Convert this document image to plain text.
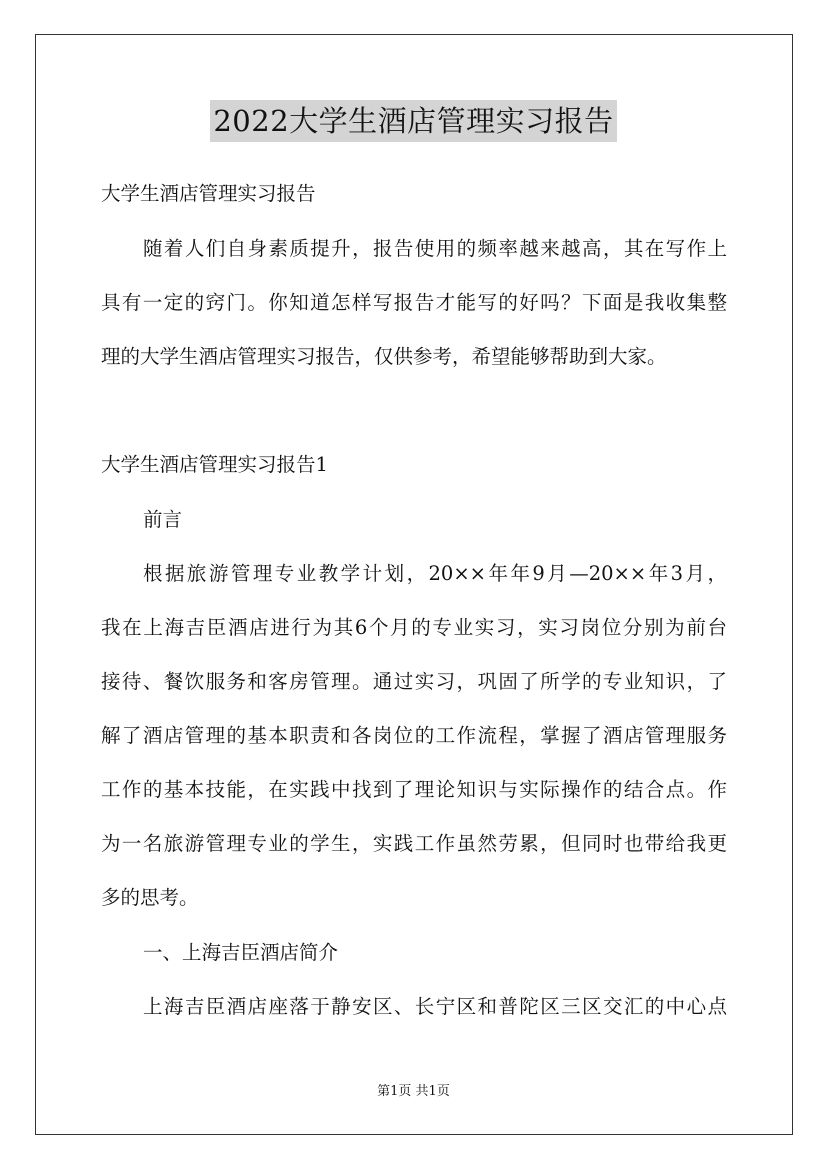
2022大学生酒店管理实习报告
大学生酒店管理实习报告
随着人们自身素质提升，报告使用的频率越来越高，其在写作上
具有一定的窍门。你知道怎样写报告才能写的好吗？下面是我收集整
理的大学生酒店管理实习报告，仅供参考，希望能够帮助到大家。
大学生酒店管理实习报告1
前言
根据旅游管理专业教学计划，20××年年9月—20××年3月，
我在上海吉臣酒店进行为其6个月的专业实习，实习岗位分别为前台
接待、餐饮服务和客房管理。通过实习，巩固了所学的专业知识，了
解了酒店管理的基本职责和各岗位的工作流程，掌握了酒店管理服务
工作的基本技能，在实践中找到了理论知识与实际操作的结合点。作
为一名旅游管理专业的学生，实践工作虽然劳累，但同时也带给我更
多的思考。
一、上海吉臣酒店简介
上海吉臣酒店座落于静安区、长宁区和普陀区三区交汇的中心点
第1页 共1页
